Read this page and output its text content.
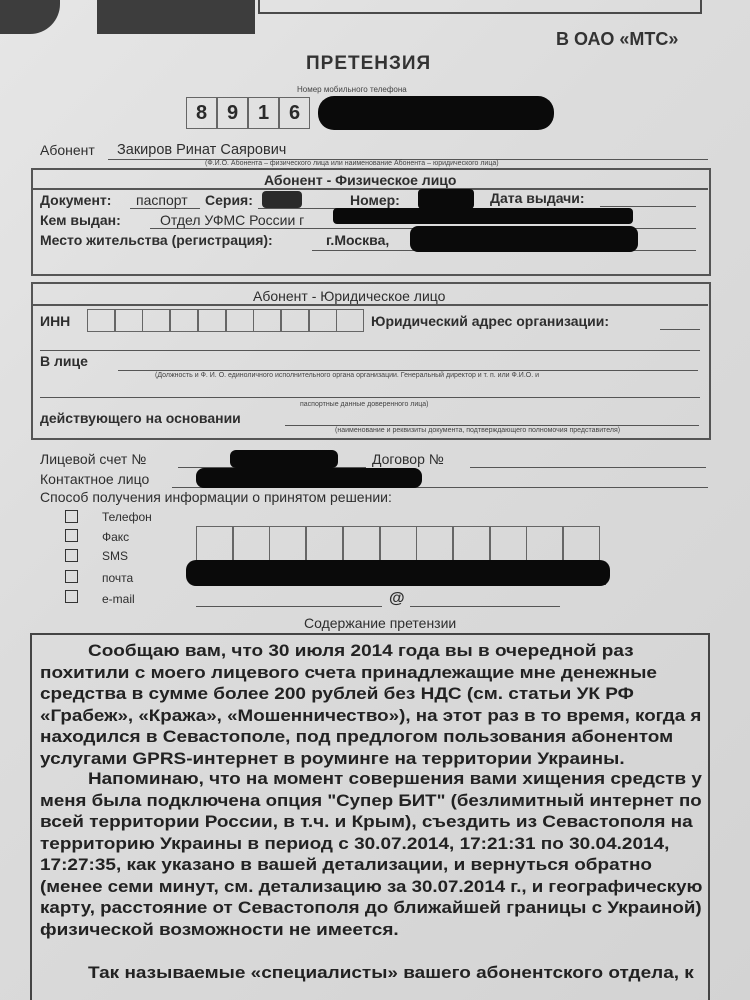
В ОАО «МТС»
ПРЕТЕНЗИЯ
Номер мобильного телефона
8 9 1 6
Абонент Закиров Ринат Саярович
(Ф.И.О. Абонента – физического лица или наименование Абонента – юридического лица)
Абонент - Физическое лицо
Документ: паспорт Серия:	Номер:	Дата выдачи:
Кем выдан:	Отдел УФМС России г
Место жительства (регистрация):	г.Москва,
Абонент - Юридическое лицо
ИНН	Юридический адрес организации:
В лице
(Должность и Ф. И. О. единоличного исполнительного органа организации. Генеральный директор и т. п. или Ф.И.О. и
паспортные данные доверенного лица)
действующего на основании
(наименование и реквизиты документа, подтверждающего полномочия представителя)
Лицевой счет №	Договор №
Контактное лицо
Способ получения информации о принятом решении:
Телефон
Факс
SMS
почта
e-mail	@
Содержание претензии
Сообщаю вам, что 30 июля 2014 года вы в очередной раз
похитили с моего лицевого счета принадлежащие мне денежные
средства в сумме более 200 рублей без НДС (см. статьи УК РФ
«Грабеж», «Кража», «Мошенничество»), на этот раз в то время, когда я
находился в Севастополе, под предлогом пользования абонентом
услугами GPRS-интернет в роуминге на территории Украины.
Напоминаю, что на момент совершения вами хищения средств у
меня была подключена опция "Супер БИТ" (безлимитный интернет по
всей территории России, в т.ч. и Крым), съездить из Севастополя на
территорию Украины в период с 30.07.2014, 17:21:31 по 30.04.2014,
17:27:35, как указано в вашей детализации, и вернуться обратно
(менее семи минут, см. детализацию за 30.07.2014 г., и географическую
карту, расстояние от Севастополя до ближайшей границы с Украиной)
физической возможности не имеется.
Так называемые «специалисты» вашего абонентского отдела, к
